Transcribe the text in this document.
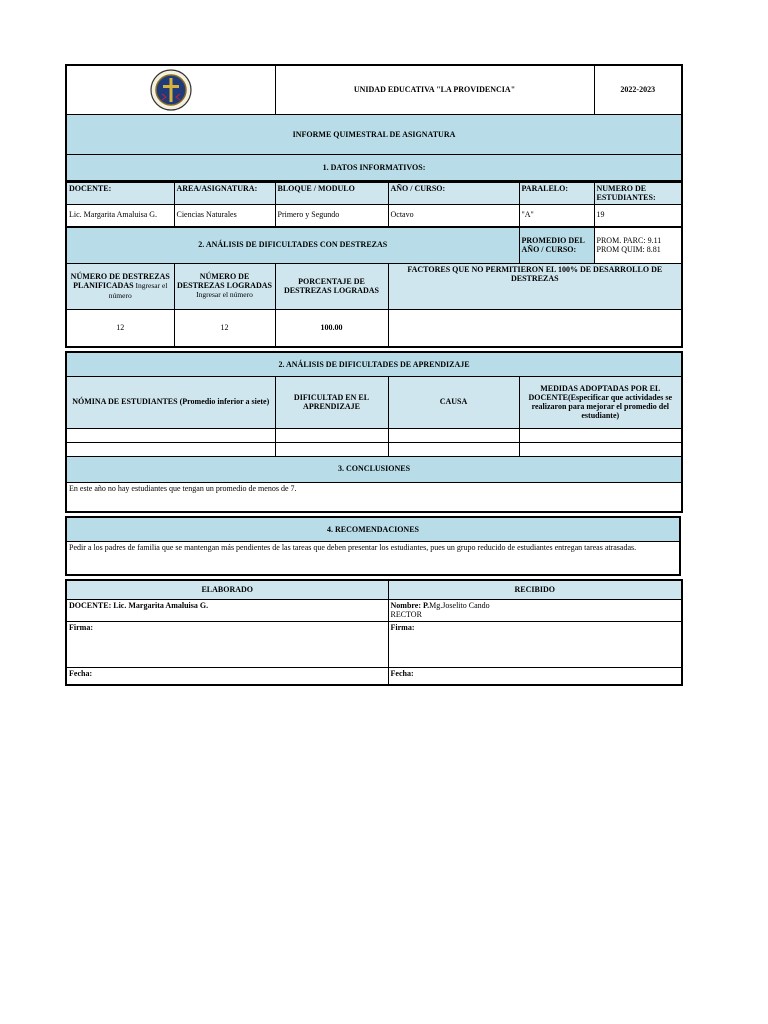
	UNIDAD EDUCATIVA "LA PROVIDENCIA"	2022-2023
INFORME QUIMESTRAL DE ASIGNATURA
1. DATOS INFORMATIVOS:
DOCENTE:	AREA/ASIGNATURA:	BLOQUE / MODULO	AÑO / CURSO:	PARALELO:	NUMERO DE ESTUDIANTES:
Lic. Margarita Amaluisa G.	Ciencias Naturales	Primero y Segundo	Octavo	"A"	19
2. ANÁLISIS DE DIFICULTADES CON DESTREZAS				PROMEDIO DEL AÑO / CURSO:	PROM. PARC: 9.11
PROM QUIM: 8.81

NÚMERO DE DESTREZAS PLANIFICADAS Ingresar el número	NÚMERO DE DESTREZAS LOGRADAS Ingresar el número	PORCENTAJE DE DESTREZAS LOGRADAS	FACTORES QUE NO PERMITIERON EL 100% DE DESARROLLO DE DESTREZAS		
12	12	100.00			
2. ANÁLISIS DE DIFICULTADES DE APRENDIZAJE			
NÓMINA DE ESTUDIANTES (Promedio inferior a siete)	DIFICULTAD EN EL APRENDIZAJE	CAUSA	MEDIDAS ADOPTADAS POR EL DOCENTE(Especificar que actividades se realizaron para mejorar el promedio del estudiante)

3. CONCLUSIONES			
En este año no hay estudiantes que tengan un promedio de menos de 7.			
4. RECOMENDACIONES
Pedir a los padres de familia que se mantengan más pendientes de las tareas que deben presentar los estudiantes, pues un grupo reducido de estudiantes entregan tareas atrasadas.
ELABORADO	RECIBIDO
DOCENTE: Lic. Margarita Amaluisa G.	Nombre: P.Mg.Joselito Cando
RECTOR

Firma:	Firma:
Fecha:	Fecha:
